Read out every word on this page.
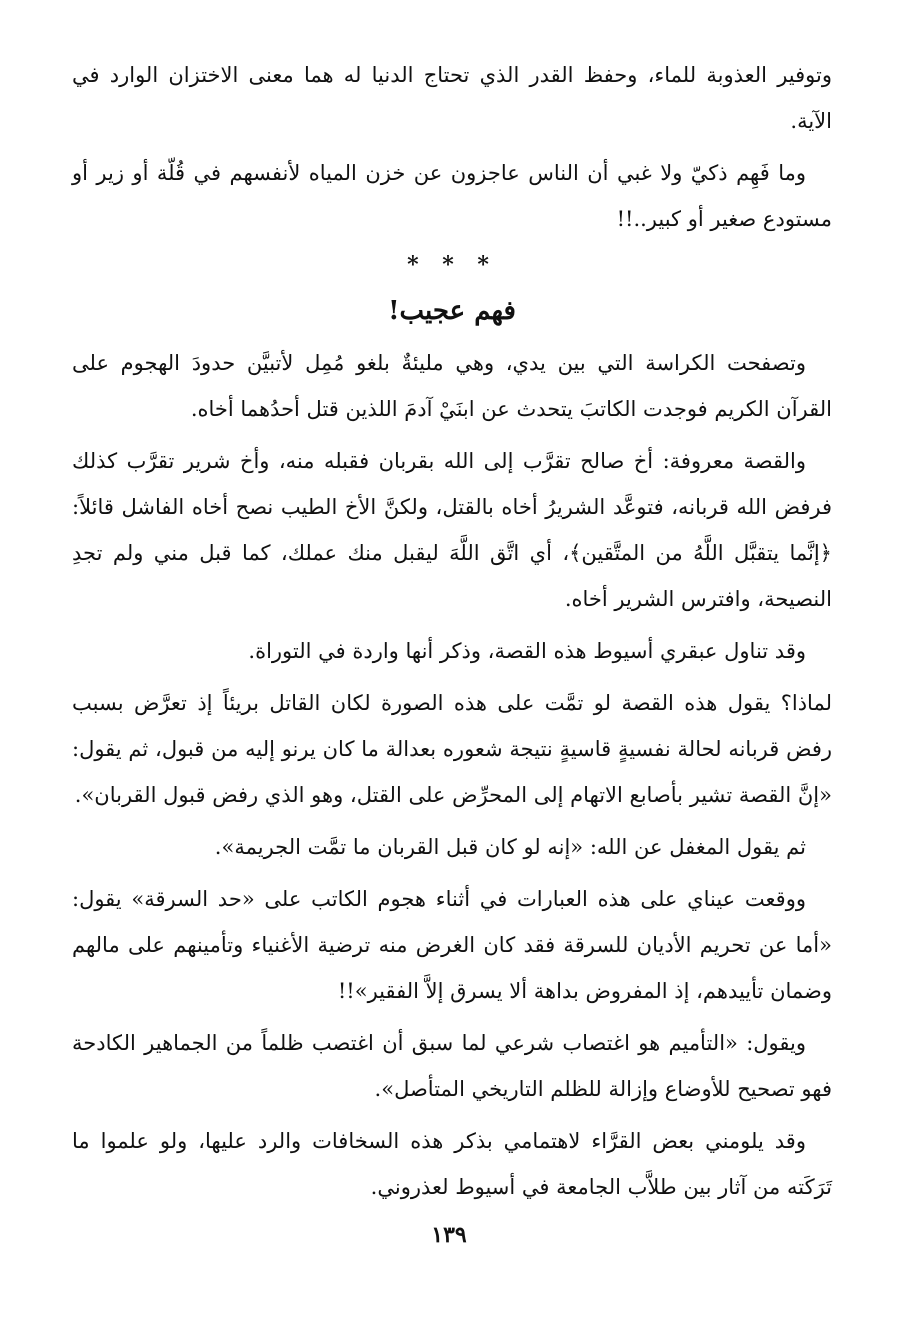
وتوفير العذوبة للماء، وحفظ القدر الذي تحتاج الدنيا له هما معنى الاختزان الوارد في الآية.

وما فَهِم ذكيّ ولا غبي أن الناس عاجزون عن خزن المياه لأنفسهم في قُلّة أو زير أو مستودع صغير أو كبير..!!

* * *

فهم عجيب!

وتصفحت الكراسة التي بين يدي، وهي مليئةٌ بلغو مُمِل لأتبيَّن حدودَ الهجوم على القرآن الكريم فوجدت الكاتبَ يتحدث عن ابنَيْ آدمَ اللذين قتل أحدُهما أخاه.

والقصة معروفة: أخ صالح تقرَّب إلى الله بقربان فقبله منه، وأخ شرير تقرَّب كذلك فرفض الله قربانه، فتوعَّد الشريرُ أخاه بالقتل، ولكنَّ الأخ الطيب نصح أخاه الفاشل قائلاً: ﴿إنَّما يتقبَّل اللَّهُ من المتَّقين﴾، أي اتَّق اللَّهَ ليقبل منك عملك، كما قبل مني ولم تجدِ النصيحة، وافترس الشرير أخاه.

وقد تناول عبقري أسيوط هذه القصة، وذكر أنها واردة في التوراة.

لماذا؟ يقول هذه القصة لو تمَّت على هذه الصورة لكان القاتل بريئاً إذ تعرَّض بسبب رفض قربانه لحالة نفسيةٍ قاسيةٍ نتيجة شعوره بعدالة ما كان يرنو إليه من قبول، ثم يقول: «إنَّ القصة تشير بأصابع الاتهام إلى المحرِّض على القتل، وهو الذي رفض قبول القربان».

ثم يقول المغفل عن الله: «إنه لو كان قبل القربان ما تمَّت الجريمة».

ووقعت عيناي على هذه العبارات في أثناء هجوم الكاتب على «حد السرقة» يقول: «أما عن تحريم الأديان للسرقة فقد كان الغرض منه ترضية الأغنياء وتأمينهم على مالهم وضمان تأييدهم، إذ المفروض بداهة ألا يسرق إلاَّ الفقير»!!

ويقول: «التأميم هو اغتصاب شرعي لما سبق أن اغتصب ظلماً من الجماهير الكادحة فهو تصحيح للأوضاع وإزالة للظلم التاريخي المتأصل».

وقد يلومني بعض القرَّاء لاهتمامي بذكر هذه السخافات والرد عليها، ولو علموا ما تَرَكَته من آثار بين طلاَّب الجامعة في أسيوط لعذروني.

١٣٩
